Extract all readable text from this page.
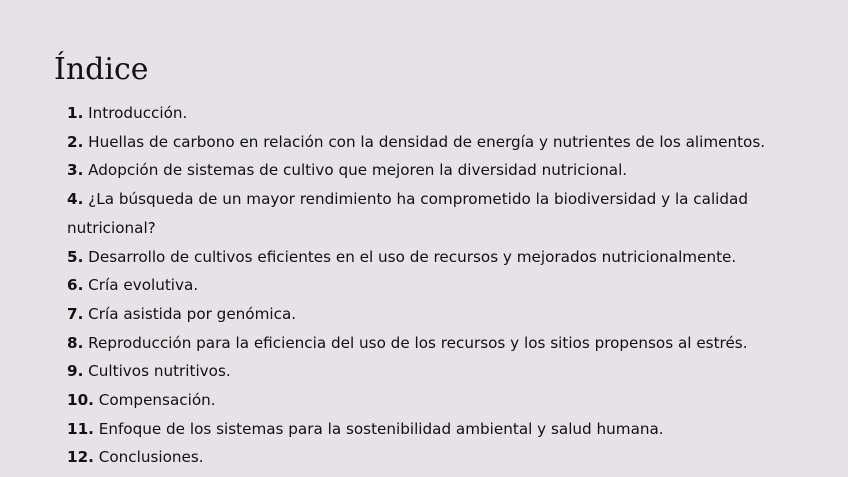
Índice
1. Introducción.
2. Huellas de carbono en relación con la densidad de energía y nutrientes de los alimentos.
3. Adopción de sistemas de cultivo que mejoren la diversidad nutricional.
4. ¿La búsqueda de un mayor rendimiento ha comprometido la biodiversidad y la calidad nutricional?
5. Desarrollo de cultivos eficientes en el uso de recursos y mejorados nutricionalmente.
6. Cría evolutiva.
7. Cría asistida por genómica.
8. Reproducción para la eficiencia del uso de los recursos y los sitios propensos al estrés.
9. Cultivos nutritivos.
10. Compensación.
11. Enfoque de los sistemas para la sostenibilidad ambiental y salud humana.
12. Conclusiones.
